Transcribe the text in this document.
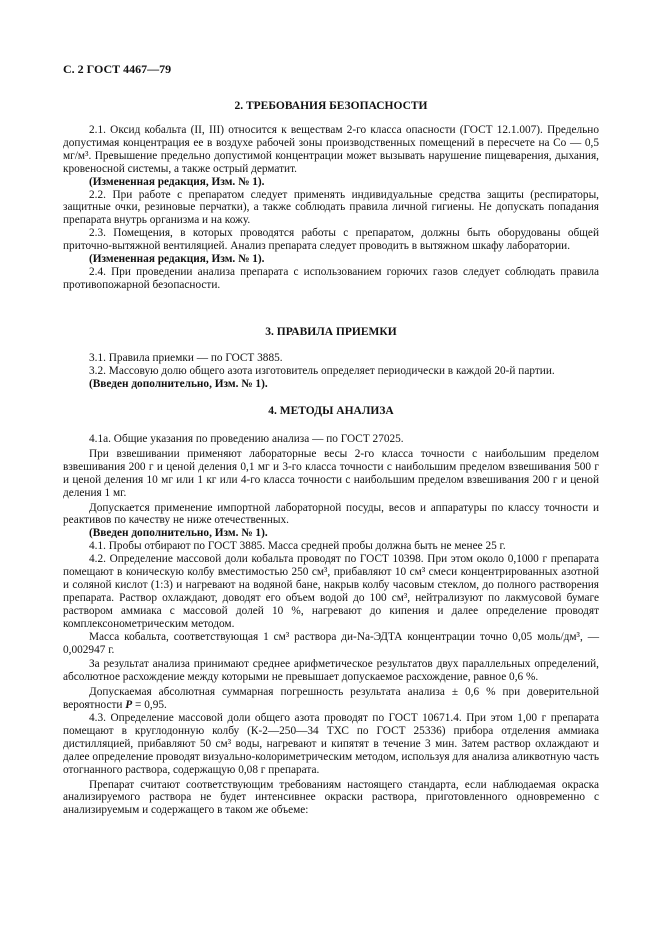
С. 2 ГОСТ 4467—79
2. ТРЕБОВАНИЯ БЕЗОПАСНОСТИ

2.1. Оксид кобальта (II, III) относится к веществам 2-го класса опасности (ГОСТ 12.1.007). Предельно допустимая концентрация ее в воздухе рабочей зоны производственных помещений в пересчете на Со — 0,5 мг/м³. Превышение предельно допустимой концентрации может вызывать нарушение пищеварения, дыхания, кровеносной системы, а также острый дерматит.

(Измененная редакция, Изм. № 1).

2.2. При работе с препаратом следует применять индивидуальные средства защиты (респираторы, защитные очки, резиновые перчатки), а также соблюдать правила личной гигиены. Не допускать попадания препарата внутрь организма и на кожу.

2.3. Помещения, в которых проводятся работы с препаратом, должны быть оборудованы общей приточно-вытяжной вентиляцией. Анализ препарата следует проводить в вытяжном шкафу лаборатории.

(Измененная редакция, Изм. № 1).

2.4. При проведении анализа препарата с использованием горючих газов следует соблюдать правила противопожарной безопасности.

3. ПРАВИЛА ПРИЕМКИ

3.1. Правила приемки — по ГОСТ 3885.

3.2. Массовую долю общего азота изготовитель определяет периодически в каждой 20-й партии.

(Введен дополнительно, Изм. № 1).

4. МЕТОДЫ АНАЛИЗА

4.1а. Общие указания по проведению анализа — по ГОСТ 27025.

При взвешивании применяют лабораторные весы 2-го класса точности с наибольшим пределом взвешивания 200 г и ценой деления 0,1 мг и 3-го класса точности с наибольшим пределом взвешивания 500 г и ценой деления 10 мг или 1 кг или 4-го класса точности с наибольшим пределом взвешивания 200 г и ценой деления 1 мг.

Допускается применение импортной лабораторной посуды, весов и аппаратуры по классу точности и реактивов по качеству не ниже отечественных.

(Введен дополнительно, Изм. № 1).

4.1. Пробы отбирают по ГОСТ 3885. Масса средней пробы должна быть не менее 25 г.

4.2. Определение массовой доли кобальта проводят по ГОСТ 10398. При этом около 0,1000 г препарата помещают в коническую колбу вместимостью 250 см³, прибавляют 10 см³ смеси концентрированных азотной и соляной кислот (1:3) и нагревают на водяной бане, накрыв колбу часовым стеклом, до полного растворения препарата. Раствор охлаждают, доводят его объем водой до 100 см³, нейтрализуют по лакмусовой бумаге раствором аммиака с массовой долей 10 %, нагревают до кипения и далее определение проводят комплексонометрическим методом.

Масса кобальта, соответствующая 1 см³ раствора ди-Na-ЭДТА концентрации точно 0,05 моль/дм³, — 0,002947 г.

За результат анализа принимают среднее арифметическое результатов двух параллельных определений, абсолютное расхождение между которыми не превышает допускаемое расхождение, равное 0,6 %.

Допускаемая абсолютная суммарная погрешность результата анализа ± 0,6 % при доверительной вероятности P = 0,95.

4.3. Определение массовой доли общего азота проводят по ГОСТ 10671.4. При этом 1,00 г препарата помещают в круглодонную колбу (К-2—250—34 ТХС по ГОСТ 25336) прибора отделения аммиака дистилляцией, прибавляют 50 см³ воды, нагревают и кипятят в течение 3 мин. Затем раствор охлаждают и далее определение проводят визуально-колориметрическим методом, используя для анализа аликвотную часть отогнанного раствора, содержащую 0,08 г препарата.

Препарат считают соответствующим требованиям настоящего стандарта, если наблюдаемая окраска анализируемого раствора не будет интенсивнее окраски раствора, приготовленного одновременно с анализируемым и содержащего в таком же объеме:
